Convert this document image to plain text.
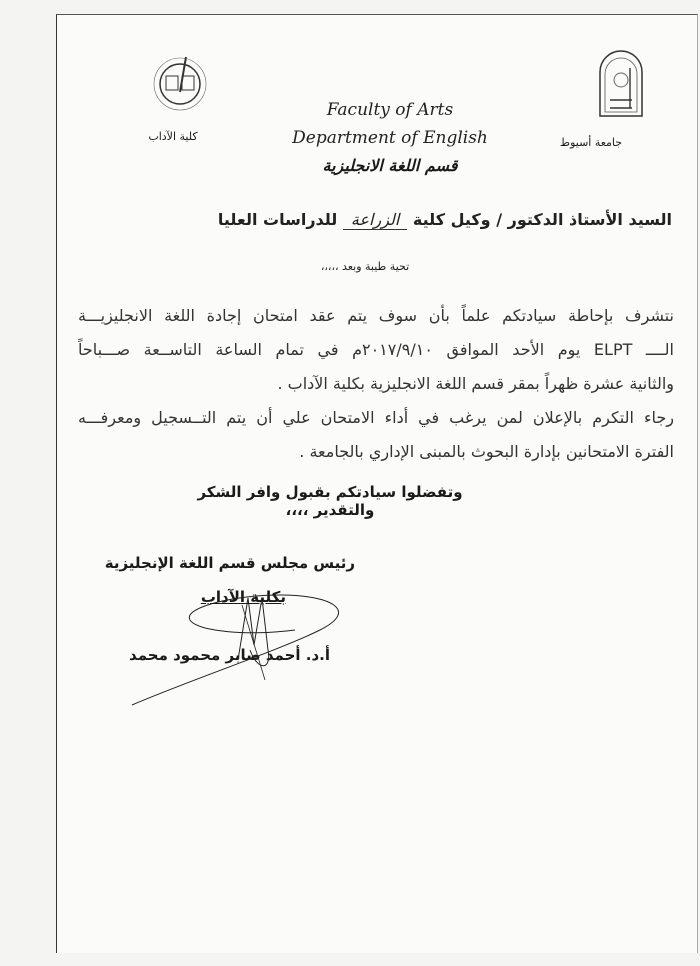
جامعة أسيوط
كلية الآداب
Faculty of Arts
Department of English
قسم اللغة الانجليزية
السيد الأستاذ الدكتور / وكيل كلية الزراعة للدراسات العليا
تحية طيبة وبعد ،،،،،
نتشرف بإحاطة سيادتكم علماً بأن سوف يتم عقد امتحان إجادة اللغة الانجليزيـــة
الــــ ELPT يوم الأحد الموافق ٢٠١٧/٩/١٠م في تمام الساعة التاســعة صـــباحاً
والثانية عشرة ظهراً بمقر قسم اللغة الانجليزية بكلية الآداب .
رجاء التكرم بالإعلان لمن يرغب في أداء الامتحان علي أن يتم التــسجيل ومعرفـــه
الفترة الامتحانين بإدارة البحوث بالمبنى الإداري بالجامعة .
وتفضلوا سيادتكم بقبول وافر الشكر والتقدير ،،،،
رئيس مجلس قسم اللغة الإنجليزية
بكلية الآداب
أ.د. أحمد صابر محمود محمد
